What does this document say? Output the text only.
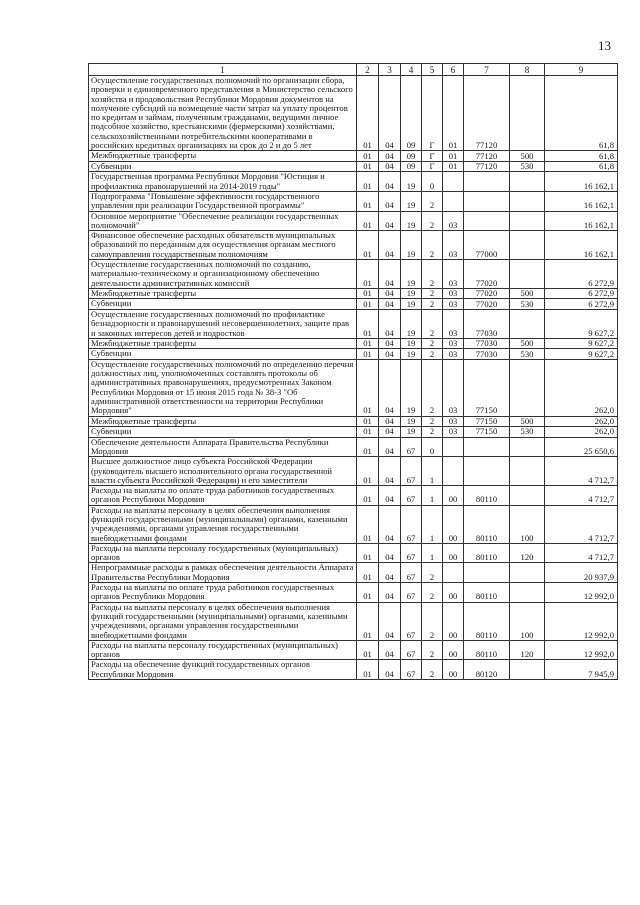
13
1	2	3	4	5	6	7	8	9
Осуществление государственных полномочий по организации сбора, проверки и единовременного представления в Министерство сельского хозяйства и продовольствия Республики Мордовия документов на получение субсидий на возмещение части затрат на уплату процентов по кредитам и займам, полученным гражданами, ведущими личное подсобное хозяйство, крестьянскими (фермерскими) хозяйствами, сельскохозяйственными потребительскими кооперативами в российских кредитных организациях на срок до 2 и до 5 лет	01	04	09	Г	01	77120		61,8
Межбюджетные трансферты	01	04	09	Г	01	77120	500	61,8
Субвенции	01	04	09	Г	01	77120	530	61,8
Государственная программа Республики Мордовия "Юстиция и профилактика правонарушений на 2014-2019 годы"	01	04	19	0				16 162,1
Подпрограмма "Повышение эффективности государственного управления при реализации Государственной программы"	01	04	19	2				16 162,1
Основное мероприятие "Обеспечение реализации государственных полномочий"	01	04	19	2	03			16 162,1
Финансовое обеспечение расходных обязательств муниципальных образований по переданным для осуществления органам местного самоуправления государственным полномочиям	01	04	19	2	03	77000		16 162,1
Осуществление государственных полномочий по созданию, материально-техническому и организационному обеспечению деятельности административных комиссий	01	04	19	2	03	77020		6 272,9
Межбюджетные трансферты	01	04	19	2	03	77020	500	6 272,9
Субвенции	01	04	19	2	03	77020	530	6 272,9
Осуществление государственных полномочий по профилактике безнадзорности и правонарушений несовершеннолетних, защите прав и законных интересов детей и подростков	01	04	19	2	03	77030		9 627,2
Межбюджетные трансферты	01	04	19	2	03	77030	500	9 627,2
Субвенции	01	04	19	2	03	77030	530	9 627,2
Осуществление государственных полномочий по определению перечня должностных лиц, уполномоченных составлять протоколы об административных правонарушениях, предусмотренных Законом Республики Мордовия от 15 июня 2015 года № 38-З "Об административной ответственности на территории Республики Мордовия"	01	04	19	2	03	77150		262,0
Межбюджетные трансферты	01	04	19	2	03	77150	500	262,0
Субвенции	01	04	19	2	03	77150	530	262,0
Обеспечение деятельности Аппарата Правительства Республики Мордовия	01	04	67	0				25 650,6
Высшее должностное лицо субъекта Российской Федерации (руководитель высшего исполнительного органа государственной власти субъекта Российской Федерации) и его заместители	01	04	67	1				4 712,7
Расходы на выплаты по оплате труда работников государственных органов Республики Мордовия	01	04	67	1	00	80110		4 712,7
Расходы на выплаты персоналу в целях обеспечения выполнения функций государственными (муниципальными) органами, казенными учреждениями, органами управления государственными внебюджетными фондами	01	04	67	1	00	80110	100	4 712,7
Расходы на выплаты персоналу государственных (муниципальных) органов	01	04	67	1	00	80110	120	4 712,7
Непрограммные расходы в рамках обеспечения деятельности Аппарата Правительства Республики Мордовия	01	04	67	2				20 937,9
Расходы на выплаты по оплате труда работников государственных органов Республики Мордовия	01	04	67	2	00	80110		12 992,0
Расходы на выплаты персоналу в целях обеспечения выполнения функций государственными (муниципальными) органами, казенными учреждениями, органами управления государственными внебюджетными фондами	01	04	67	2	00	80110	100	12 992,0
Расходы на выплаты персоналу государственных (муниципальных) органов	01	04	67	2	00	80110	120	12 992,0
Расходы на обеспечение функций государственных органов Республики Мордовия	01	04	67	2	00	80120		7 945,9
